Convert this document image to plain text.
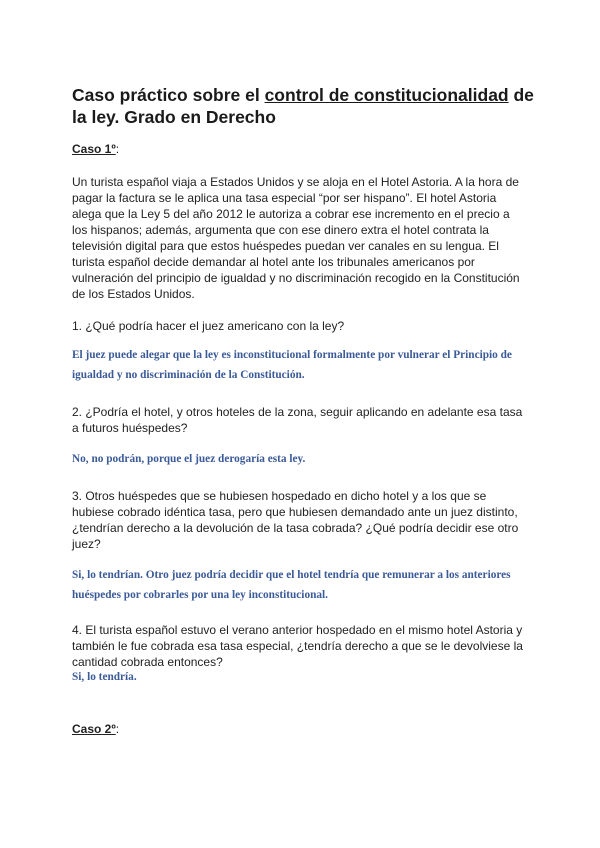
Caso práctico sobre el control de constitucionalidad de la ley. Grado en Derecho
Caso 1º:
Un turista español viaja a Estados Unidos y se aloja en el Hotel Astoria. A la hora de pagar la factura se le aplica una tasa especial “por ser hispano”. El hotel Astoria alega que la Ley 5 del año 2012 le autoriza a cobrar ese incremento en el precio a los hispanos; además, argumenta que con ese dinero extra el hotel contrata la televisión digital para que estos huéspedes puedan ver canales en su lengua. El turista español decide demandar al hotel ante los tribunales americanos por vulneración del principio de igualdad y no discriminación recogido en la Constitución de los Estados Unidos.
1. ¿Qué podría hacer el juez americano con la ley?
El juez puede alegar que la ley es inconstitucional formalmente por vulnerar el Principio de igualdad y no discriminación de la Constitución.
2. ¿Podría el hotel, y otros hoteles de la zona, seguir aplicando en adelante esa tasa a futuros huéspedes?
No, no podrán, porque el juez derogaría esta ley.
3. Otros huéspedes que se hubiesen hospedado en dicho hotel y a los que se hubiese cobrado idéntica tasa, pero que hubiesen demandado ante un juez distinto, ¿tendrían derecho a la devolución de la tasa cobrada? ¿Qué podría decidir ese otro juez?
Si, lo tendrían. Otro juez podría decidir que el hotel tendría que remunerar a los anteriores huéspedes por cobrarles por una ley inconstitucional.
4. El turista español estuvo el verano anterior hospedado en el mismo hotel Astoria y también le fue cobrada esa tasa especial, ¿tendría derecho a que se le devolviese la cantidad cobrada entonces?
Si, lo tendría.
Caso 2º:
